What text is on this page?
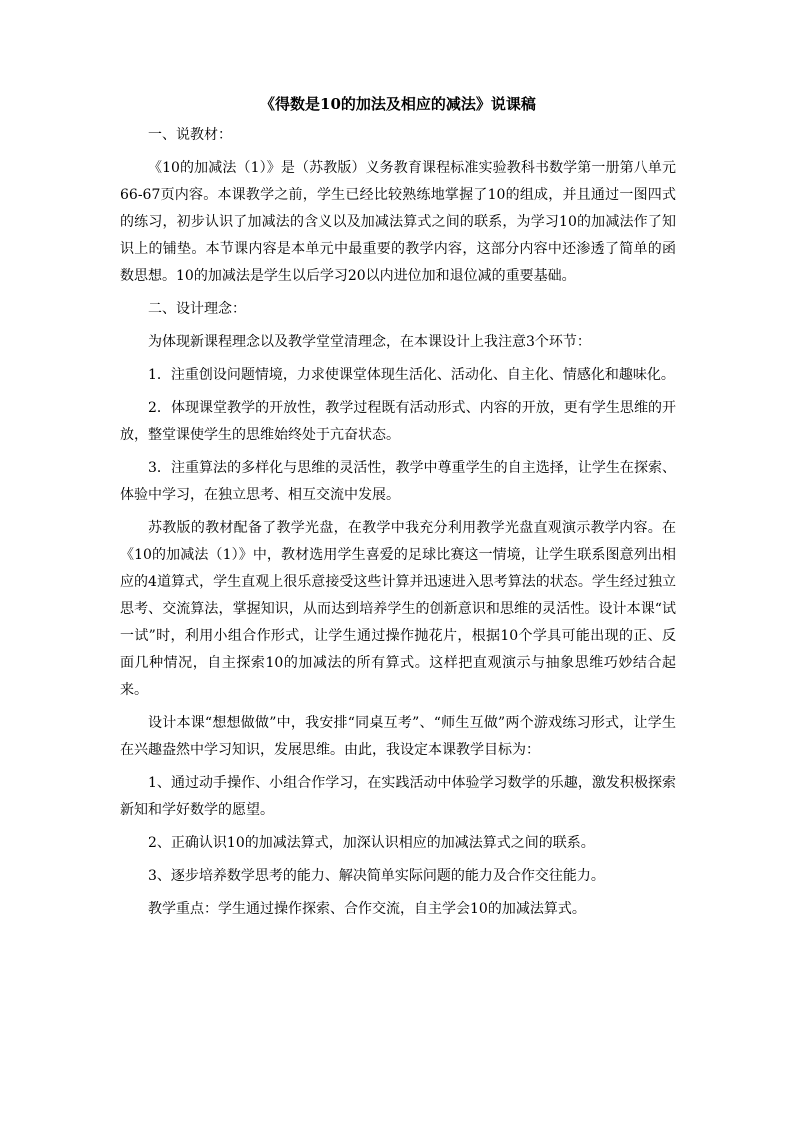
《得数是10的加法及相应的减法》说课稿

一、说教材：

《10的加减法（1）》是（苏教版）义务教育课程标准实验教科书数学第一册第八单元66-67页内容。本课教学之前，学生已经比较熟练地掌握了10的组成，并且通过一图四式的练习，初步认识了加减法的含义以及加减法算式之间的联系，为学习10的加减法作了知识上的铺垫。本节课内容是本单元中最重要的教学内容，这部分内容中还渗透了简单的函数思想。10的加减法是学生以后学习20以内进位加和退位减的重要基础。

二、设计理念：

为体现新课程理念以及教学堂堂清理念，在本课设计上我注意3个环节：

1．注重创设问题情境，力求使课堂体现生活化、活动化、自主化、情感化和趣味化。

2．体现课堂教学的开放性，教学过程既有活动形式、内容的开放，更有学生思维的开放，整堂课使学生的思维始终处于亢奋状态。

3．注重算法的多样化与思维的灵活性，教学中尊重学生的自主选择，让学生在探索、体验中学习，在独立思考、相互交流中发展。

苏教版的教材配备了教学光盘，在教学中我充分利用教学光盘直观演示教学内容。在《10的加减法（1）》中，教材选用学生喜爱的足球比赛这一情境，让学生联系图意列出相应的4道算式，学生直观上很乐意接受这些计算并迅速进入思考算法的状态。学生经过独立思考、交流算法，掌握知识，从而达到培养学生的创新意识和思维的灵活性。设计本课“试一试”时，利用小组合作形式，让学生通过操作抛花片，根据10个学具可能出现的正、反面几种情况，自主探索10的加减法的所有算式。这样把直观演示与抽象思维巧妙结合起来。

设计本课“想想做做”中，我安排“同桌互考”、“师生互做”两个游戏练习形式，让学生在兴趣盎然中学习知识，发展思维。由此，我设定本课教学目标为：

1、通过动手操作、小组合作学习，在实践活动中体验学习数学的乐趣，激发积极探索新知和学好数学的愿望。

2、正确认识10的加减法算式，加深认识相应的加减法算式之间的联系。

3、逐步培养数学思考的能力、解决简单实际问题的能力及合作交往能力。

教学重点：学生通过操作探索、合作交流，自主学会10的加减法算式。
